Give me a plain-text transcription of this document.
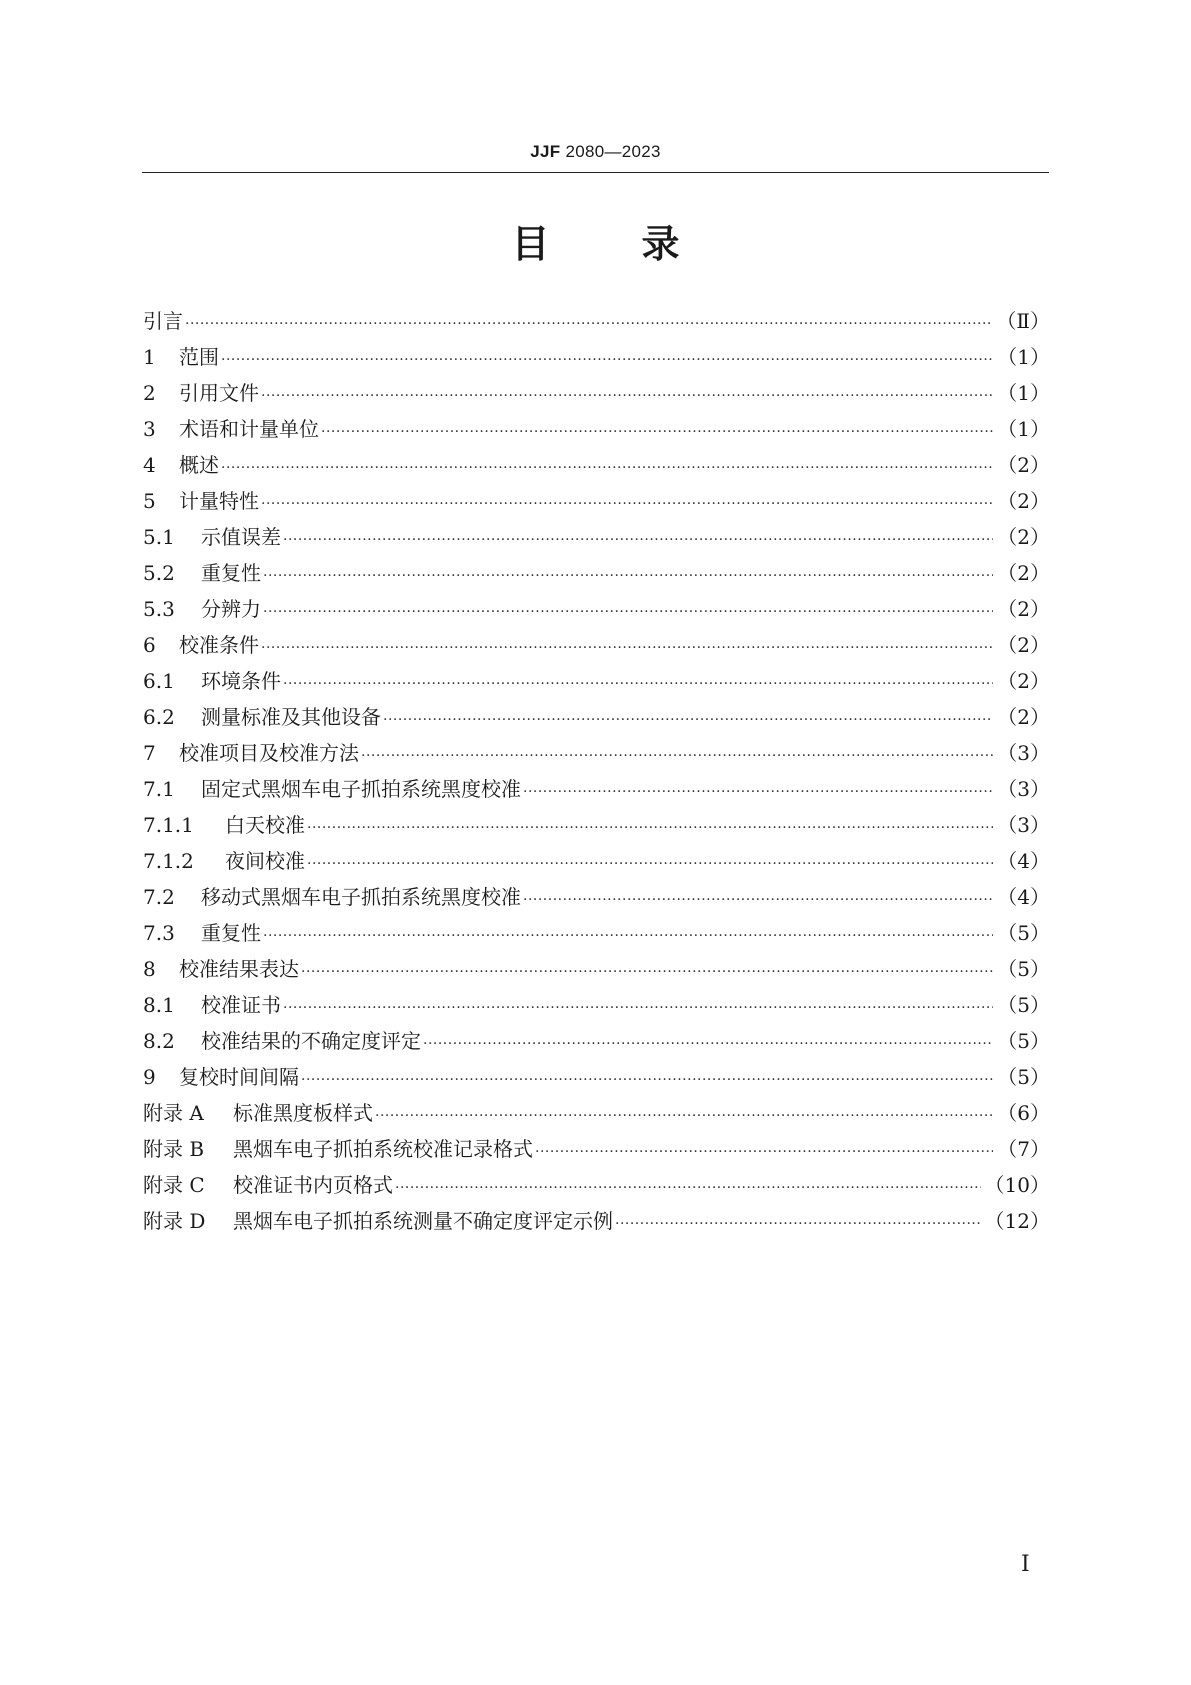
JJF 2080—2023
目 录
引言 ·····	（Ⅱ）
1	范围 ·····	（1）
2	引用文件 ·····	（1）
3	术语和计量单位 ·····	（1）
4	概述 ·····	（2）
5	计量特性 ·····	（2）
5.1	示值误差 ·····	（2）
5.2	重复性 ·····	（2）
5.3	分辨力 ·····	（2）
6	校准条件 ·····	（2）
6.1	环境条件 ·····	（2）
6.2	测量标准及其他设备 ·····	（2）
7	校准项目及校准方法 ·····	（3）
7.1	固定式黑烟车电子抓拍系统黑度校准 ·····	（3）
7.1.1	白天校准 ·····	（3）
7.1.2	夜间校准 ·····	（4）
7.2	移动式黑烟车电子抓拍系统黑度校准 ·····	（4）
7.3	重复性 ·····	（5）
8	校准结果表达 ·····	（5）
8.1	校准证书 ·····	（5）
8.2	校准结果的不确定度评定 ·····	（5）
9	复校时间间隔 ·····	（5）
附录 A	标准黑度板样式 ·····	（6）
附录 B	黑烟车电子抓拍系统校准记录格式 ·····	（7）
附录 C	校准证书内页格式 ·····	（10）
附录 D	黑烟车电子抓拍系统测量不确定度评定示例 ·····	（12）
Ⅰ
